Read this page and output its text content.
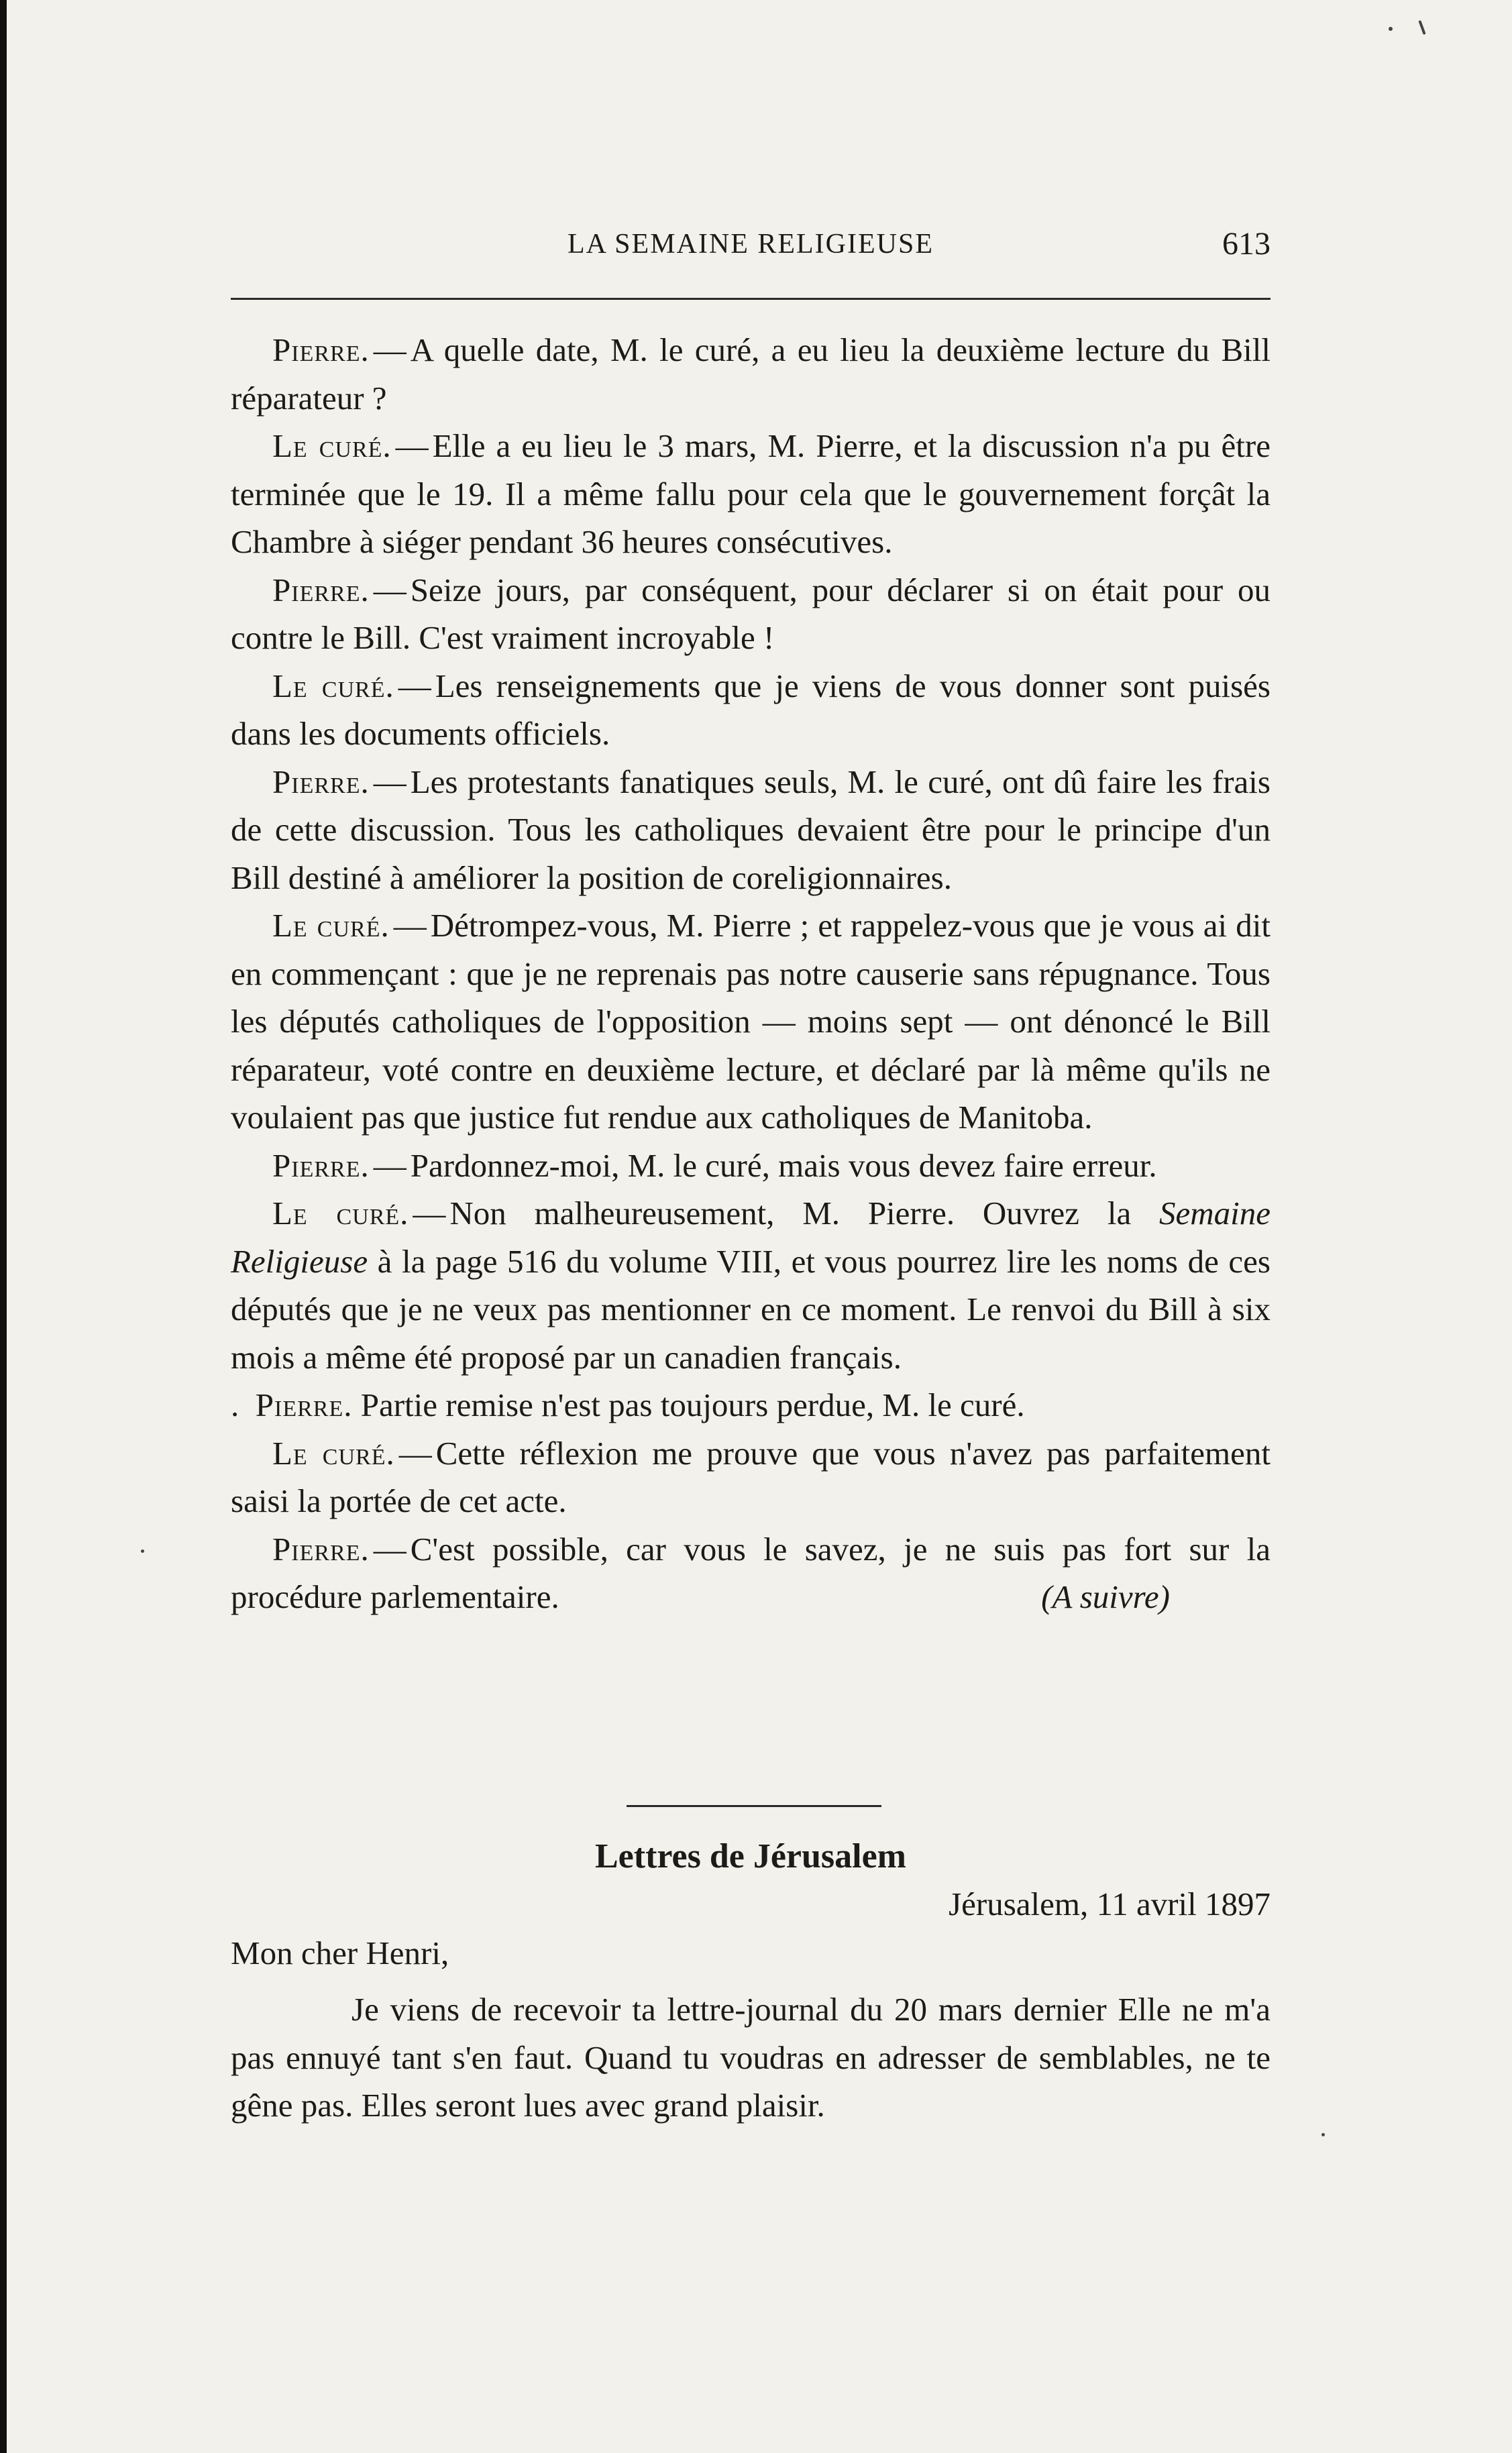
LA SEMAINE RELIGIEUSE	613

Pierre. — A quelle date, M. le curé, a eu lieu la deuxième lecture du Bill réparateur ?

Le curé. — Elle a eu lieu le 3 mars, M. Pierre, et la discussion n'a pu être terminée que le 19. Il a même fallu pour cela que le gouvernement forçât la Chambre à siéger pendant 36 heures consécutives.

Pierre. — Seize jours, par conséquent, pour déclarer si on était pour ou contre le Bill. C'est vraiment incroyable !

Le curé. — Les renseignements que je viens de vous donner sont puisés dans les documents officiels.

Pierre. — Les protestants fanatiques seuls, M. le curé, ont dû faire les frais de cette discussion. Tous les catholiques devaient être pour le principe d'un Bill destiné à améliorer la position de coreligionnaires.

Le curé. — Détrompez-vous, M. Pierre ; et rappelez-vous que je vous ai dit en commençant : que je ne reprenais pas notre causerie sans répugnance. Tous les députés catholiques de l'opposition — moins sept — ont dénoncé le Bill réparateur, voté contre en deuxième lecture, et déclaré par là même qu'ils ne voulaient pas que justice fut rendue aux catholiques de Manitoba.

Pierre. — Pardonnez-moi, M. le curé, mais vous devez faire erreur.

Le curé. — Non malheureusement, M. Pierre. Ouvrez la Semaine Religieuse à la page 516 du volume VIII, et vous pourrez lire les noms de ces députés que je ne veux pas mentionner en ce moment. Le renvoi du Bill à six mois a même été proposé par un canadien français.

. Pierre. Partie remise n'est pas toujours perdue, M. le curé.

Le curé. — Cette réflexion me prouve que vous n'avez pas parfaitement saisi la portée de cet acte.

Pierre. — C'est possible, car vous le savez, je ne suis pas fort sur la procédure parlementaire.	(A suivre)

Lettres de Jérusalem
Jérusalem, 11 avril 1897
Mon cher Henri,

Je viens de recevoir ta lettre-journal du 20 mars dernier Elle ne m'a pas ennuyé tant s'en faut. Quand tu voudras en adresser de semblables, ne te gêne pas. Elles seront lues avec grand plaisir.
